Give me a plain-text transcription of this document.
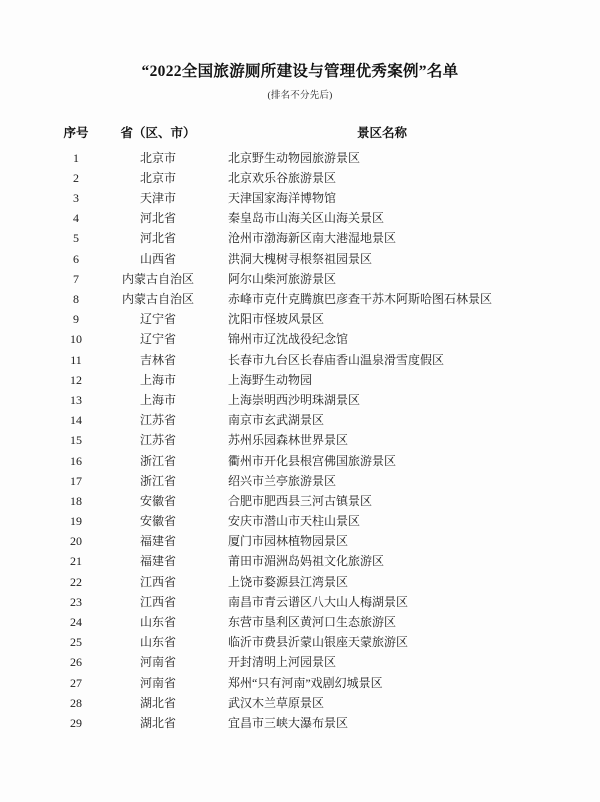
“2022全国旅游厕所建设与管理优秀案例”名单
(排名不分先后)
序号	省（区、市）	景区名称
1	北京市	北京野生动物园旅游景区
2	北京市	北京欢乐谷旅游景区
3	天津市	天津国家海洋博物馆
4	河北省	秦皇岛市山海关区山海关景区
5	河北省	沧州市渤海新区南大港湿地景区
6	山西省	洪洞大槐树寻根祭祖园景区
7	内蒙古自治区	阿尔山柴河旅游景区
8	内蒙古自治区	赤峰市克什克腾旗巴彦查干苏木阿斯哈图石林景区
9	辽宁省	沈阳市怪坡风景区
10	辽宁省	锦州市辽沈战役纪念馆
11	吉林省	长春市九台区长春庙香山温泉滑雪度假区
12	上海市	上海野生动物园
13	上海市	上海崇明西沙明珠湖景区
14	江苏省	南京市玄武湖景区
15	江苏省	苏州乐园森林世界景区
16	浙江省	衢州市开化县根宫佛国旅游景区
17	浙江省	绍兴市兰亭旅游景区
18	安徽省	合肥市肥西县三河古镇景区
19	安徽省	安庆市潜山市天柱山景区
20	福建省	厦门市园林植物园景区
21	福建省	莆田市湄洲岛妈祖文化旅游区
22	江西省	上饶市婺源县江湾景区
23	江西省	南昌市青云谱区八大山人梅湖景区
24	山东省	东营市垦利区黄河口生态旅游区
25	山东省	临沂市费县沂蒙山银座天蒙旅游区
26	河南省	开封清明上河园景区
27	河南省	郑州“只有河南”戏剧幻城景区
28	湖北省	武汉木兰草原景区
29	湖北省	宜昌市三峡大瀑布景区
